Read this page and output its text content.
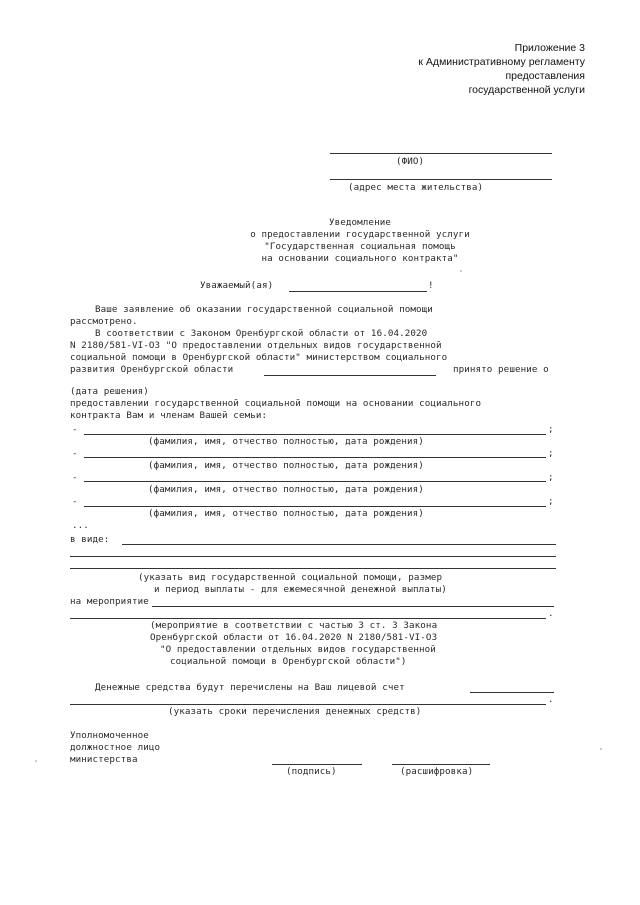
Приложение 3
к Административному регламенту
предоставления
государственной услуги
(ФИО)
(адрес места жительства)
Уведомление
о предоставлении государственной услуги
"Государственная социальная помощь
на основании социального контракта"
Уважаемый(ая)	!
Ваше заявление об оказании государственной социальной помощи
рассмотрено.
В соответствии с Законом Оренбургской области от 16.04.2020
N 2180/581-VI-ОЗ "О предоставлении отдельных видов государственной
социальной помощи в Оренбургской области" министерством социального
развития Оренбургской области	принято решение о
(дата решения)
предоставлении государственной социальной помощи на основании социального
контракта Вам и членам Вашей семьи:
-	;
(фамилия, имя, отчество полностью, дата рождения)
-	;
(фамилия, имя, отчество полностью, дата рождения)
-	;
(фамилия, имя, отчество полностью, дата рождения)
-	;
(фамилия, имя, отчество полностью, дата рождения)
...
в виде:
(указать вид государственной социальной помощи, размер
и период выплаты - для ежемесячной денежной выплаты)
на мероприятие
.
(мероприятие в соответствии с частью 3 ст. 3 Закона
Оренбургской области от 16.04.2020 N 2180/581-VI-ОЗ
"О предоставлении отдельных видов государственной
социальной помощи в Оренбургской области")
Денежные средства будут перечислены на Ваш лицевой счет
.
(указать сроки перечисления денежных средств)
Уполномоченное
должностное лицо
министерства
(подпись)	(расшифровка)
